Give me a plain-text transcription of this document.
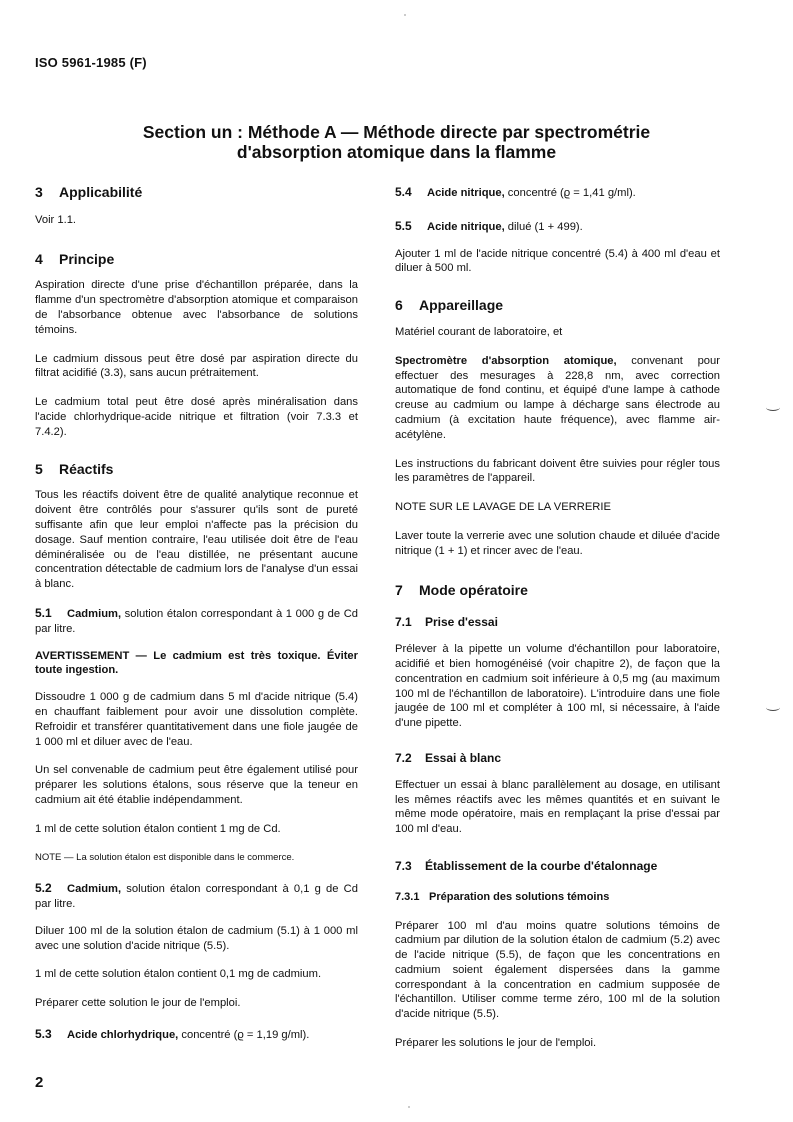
ISO 5961-1985 (F)
Section un : Méthode A — Méthode directe par spectrométrie
d'absorption atomique dans la flamme
3 Applicabilité

Voir 1.1.

4 Principe

Aspiration directe d'une prise d'échantillon préparée, dans la flamme d'un spectromètre d'absorption atomique et comparaison de l'absorbance obtenue avec l'absorbance de solutions témoins.

Le cadmium dissous peut être dosé par aspiration directe du filtrat acidifié (3.3), sans aucun prétraitement.

Le cadmium total peut être dosé après minéralisation dans l'acide chlorhydrique-acide nitrique et filtration (voir 7.3.3 et 7.4.2).

5 Réactifs

Tous les réactifs doivent être de qualité analytique reconnue et doivent être contrôlés pour s'assurer qu'ils sont de pureté suffisante afin que leur emploi n'affecte pas la précision du dosage. Sauf mention contraire, l'eau utilisée doit être de l'eau déminéralisée ou de l'eau distillée, ne présentant aucune concentration détectable de cadmium lors de l'analyse d'un essai à blanc.

5.1 Cadmium, solution étalon correspondant à 1 000 g de Cd par litre.

AVERTISSEMENT — Le cadmium est très toxique. Éviter toute ingestion.

Dissoudre 1 000 g de cadmium dans 5 ml d'acide nitrique (5.4) en chauffant faiblement pour avoir une dissolution complète. Refroidir et transférer quantitativement dans une fiole jaugée de 1 000 ml et diluer avec de l'eau.

Un sel convenable de cadmium peut être également utilisé pour préparer les solutions étalons, sous réserve que la teneur en cadmium ait été établie indépendamment.

1 ml de cette solution étalon contient 1 mg de Cd.

NOTE — La solution étalon est disponible dans le commerce.

5.2 Cadmium, solution étalon correspondant à 0,1 g de Cd par litre.

Diluer 100 ml de la solution étalon de cadmium (5.1) à 1 000 ml avec une solution d'acide nitrique (5.5).

1 ml de cette solution étalon contient 0,1 mg de cadmium.

Préparer cette solution le jour de l'emploi.

5.3 Acide chlorhydrique, concentré (ϱ = 1,19 g/ml).

5.4 Acide nitrique, concentré (ϱ = 1,41 g/ml).

5.5 Acide nitrique, dilué (1 + 499).

Ajouter 1 ml de l'acide nitrique concentré (5.4) à 400 ml d'eau et diluer à 500 ml.

6 Appareillage

Matériel courant de laboratoire, et

Spectromètre d'absorption atomique, convenant pour effectuer des mesurages à 228,8 nm, avec correction automatique de fond continu, et équipé d'une lampe à cathode creuse au cadmium ou lampe à décharge sans électrode au cadmium (à excitation haute fréquence), avec flamme air-acétylène.

Les instructions du fabricant doivent être suivies pour régler tous les paramètres de l'appareil.

NOTE SUR LE LAVAGE DE LA VERRERIE

Laver toute la verrerie avec une solution chaude et diluée d'acide nitrique (1 + 1) et rincer avec de l'eau.

7 Mode opératoire
7.1 Prise d'essai

Prélever à la pipette un volume d'échantillon pour laboratoire, acidifié et bien homogénéisé (voir chapitre 2), de façon que la concentration en cadmium soit inférieure à 0,5 mg (au maximum 100 ml de l'échantillon de laboratoire). L'introduire dans une fiole jaugée de 100 ml et compléter à 100 ml, si nécessaire, à l'aide d'une pipette.

7.2 Essai à blanc

Effectuer un essai à blanc parallèlement au dosage, en utilisant les mêmes réactifs avec les mêmes quantités et en suivant le même mode opératoire, mais en remplaçant la prise d'essai par 100 ml d'eau.

7.3 Établissement de la courbe d'étalonnage
7.3.1 Préparation des solutions témoins

Préparer 100 ml d'au moins quatre solutions témoins de cadmium par dilution de la solution étalon de cadmium (5.2) avec de l'acide nitrique (5.5), de façon que les concentrations en cadmium soient également dispersées dans la gamme correspondant à la concentration en cadmium supposée de l'échantillon. Utiliser comme terme zéro, 100 ml de la solution d'acide nitrique (5.5).

Préparer les solutions le jour de l'emploi.

2
